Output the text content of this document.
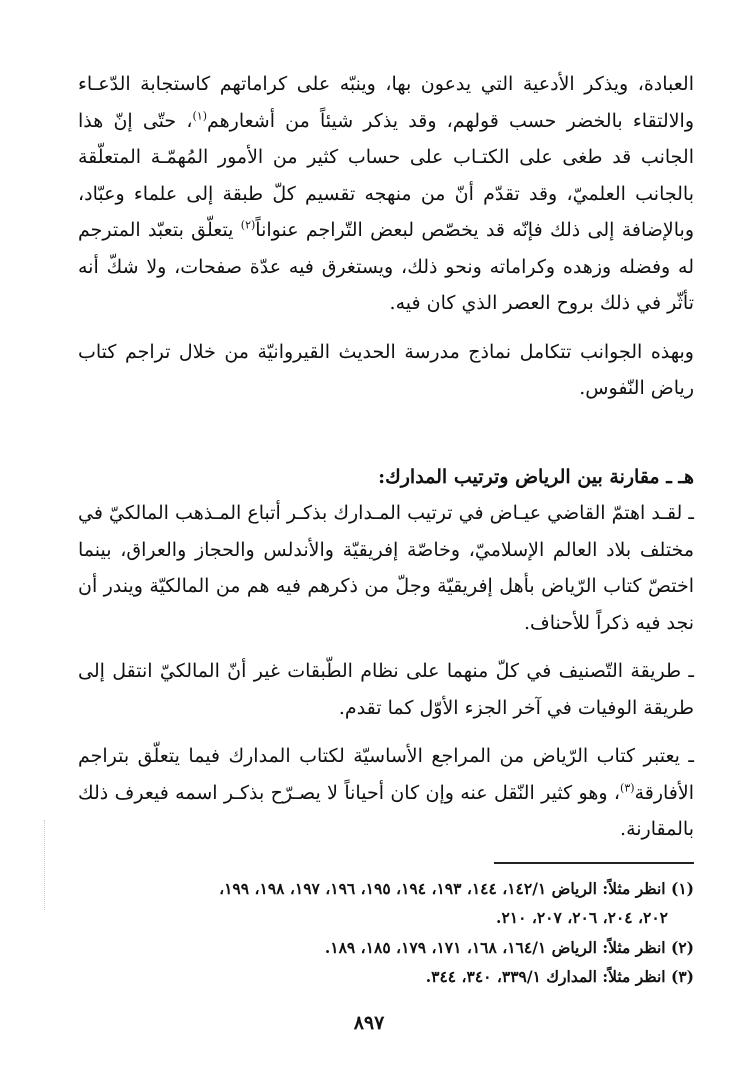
العبادة، ويذكر الأدعية التي يدعون بها، وينبّه على كراماتهم كاستجابة الدّعـاء والالتقاء بالخضر حسب قولهم، وقد يذكر شيئاً من أشعارهم$^{(١)}$، حتّى إنّ هذا الجانب قد طغى على الكتـاب على حساب كثير من الأمور المُهمّـة المتعلّقة بالجانب العلميّ، وقد تقدّم أنّ من منهجه تقسيم كلّ طبقة إلى علماء وعبّاد، وبالإضافة إلى ذلك فإنّه قد يخصّص لبعض التّراجم عنواناً$^{(٢)}$ يتعلّق بتعبّد المترجم له وفضله وزهده وكراماته ونحو ذلك، ويستغرق فيه عدّة صفحات، ولا شكّ أنه تأثّر في ذلك بروح العصر الذي كان فيه.

وبهذه الجوانب تتكامل نماذج مدرسة الحديث القيروانيّة من خلال تراجم كتاب رياض النّفوس.

هـ ـ مقارنة بين الرياض وترتيب المدارك:

ـ لقـد اهتمّ القاضي عيـاض في ترتيب المـدارك بذكـر أتباع المـذهب المالكيّ في مختلف بلاد العالم الإسلاميّ، وخاصّة إفريقيّة والأندلس والحجاز والعراق، بينما اختصّ كتاب الرّياض بأهل إفريقيّة وجلّ من ذكرهم فيه هم من المالكيّة ويندر أن نجد فيه ذكراً للأحناف.

ـ طريقة التّصنيف في كلّ منهما على نظام الطّبقات غير أنّ المالكيّ انتقل إلى طريقة الوفيات في آخر الجزء الأوّل كما تقدم.

ـ يعتبر كتاب الرّياض من المراجع الأساسيّة لكتاب المدارك فيما يتعلّق بتراجم الأفارقة$^{(٣)}$، وهو كثير النّقل عنه وإن كان أحياناً لا يصـرّح بذكـر اسمه فيعرف ذلك بالمقارنة.

(١) انظر مثلاً: الرياض ١٤٢/١، ١٤٤، ١٩٣، ١٩٤، ١٩٥، ١٩٦، ١٩٧، ١٩٨، ١٩٩،

٢٠٢، ٢٠٤، ٢٠٦، ٢٠٧، ٢١٠.

(٢) انظر مثلاً: الرياض ١٦٤/١، ١٦٨، ١٧١، ١٧٩، ١٨٥، ١٨٩.

(٣) انظر مثلاً: المدارك ٣٣٩/١، ٣٤٠، ٣٤٤.

٨٩٧
